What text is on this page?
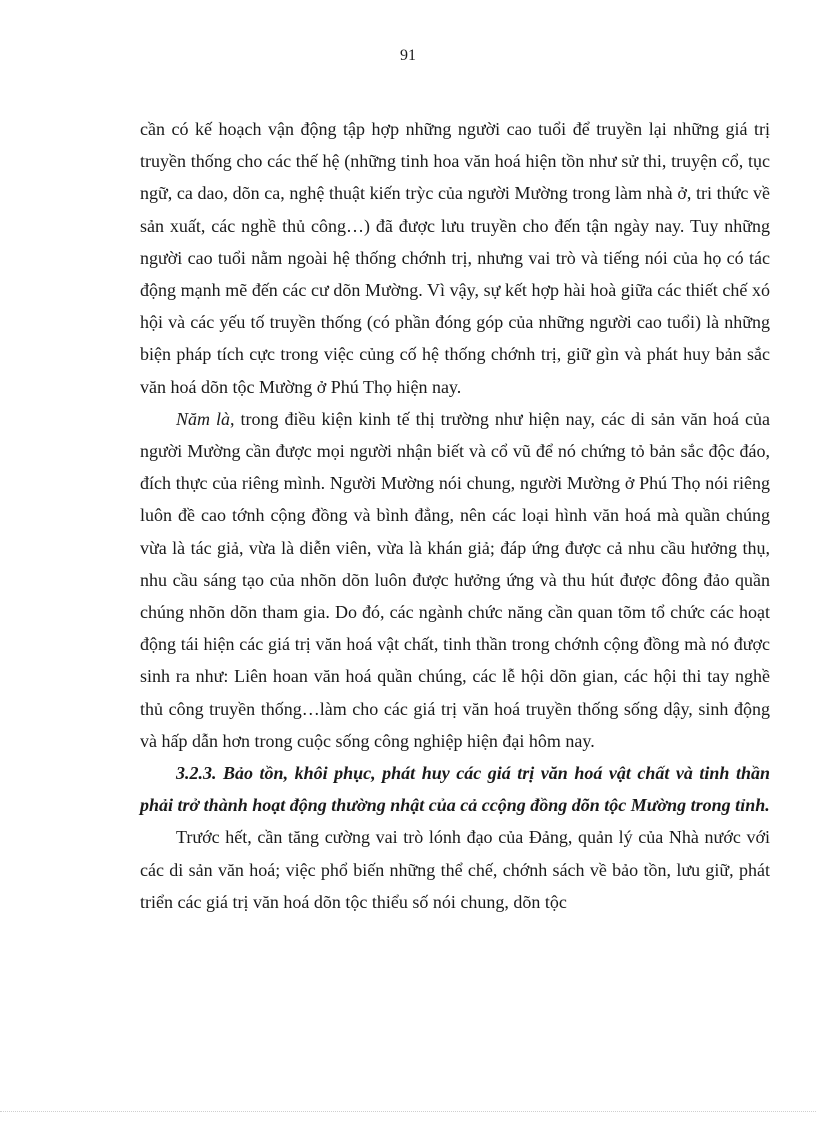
91

cần có kế hoạch vận động tập hợp những người cao tuổi để truyền lại những giá trị truyền thống cho các thế hệ (những tinh hoa văn hoá hiện tồn như sử thi, truyện cổ, tục ngữ, ca dao, dõn ca, nghệ thuật kiến trỳc của người Mường trong làm nhà ở, tri thức về sản xuất, các nghề thủ công…) đã được lưu truyền cho đến tận ngày nay. Tuy những người cao tuổi nằm ngoài hệ thống chớnh trị, nhưng vai trò và tiếng nói của họ có tác động mạnh mẽ đến các cư dõn Mường. Vì vậy, sự kết hợp hài hoà giữa các thiết chế xó hội và các yếu tố truyền thống (có phần đóng góp của những người cao tuổi) là những biện pháp tích cực trong việc củng cố hệ thống chớnh trị, giữ gìn và phát huy bản sắc văn hoá dõn tộc Mường ở Phú Thọ hiện nay.

Năm là, trong điều kiện kinh tế thị trường như hiện nay, các di sản văn hoá của người Mường cần được mọi người nhận biết và cổ vũ để nó chứng tỏ bản sắc độc đáo, đích thực của riêng mình. Người Mường nói chung, người Mường ở Phú Thọ nói riêng luôn đề cao tớnh cộng đồng và bình đẳng, nên các loại hình văn hoá mà quần chúng vừa là tác giả, vừa là diễn viên, vừa là khán giả; đáp ứng được cả nhu cầu hưởng thụ, nhu cầu sáng tạo của nhõn dõn luôn được hưởng ứng và thu hút được đông đảo quần chúng nhõn dõn tham gia. Do đó, các ngành chức năng cần quan tõm tổ chức các hoạt động tái hiện các giá trị văn hoá vật chất, tinh thần trong chớnh cộng đồng mà nó được sinh ra như: Liên hoan văn hoá quần chúng, các lễ hội dõn gian, các hội thi tay nghề thủ công truyền thống…làm cho các giá trị văn hoá truyền thống sống dậy, sinh động và hấp dẫn hơn trong cuộc sống công nghiệp hiện đại hôm nay.

3.2.3. Bảo tồn, khôi phục, phát huy các giá trị văn hoá vật chất và tinh thần phải trở thành hoạt động thường nhật của cả ccộng đồng dõn tộc Mường trong tỉnh.

Trước hết, cần tăng cường vai trò lónh đạo của Đảng, quản lý của Nhà nước với các di sản văn hoá; việc phổ biến những thể chế, chớnh sách về bảo tồn, lưu giữ, phát triển các giá trị văn hoá dõn tộc thiểu số nói chung, dõn tộc
